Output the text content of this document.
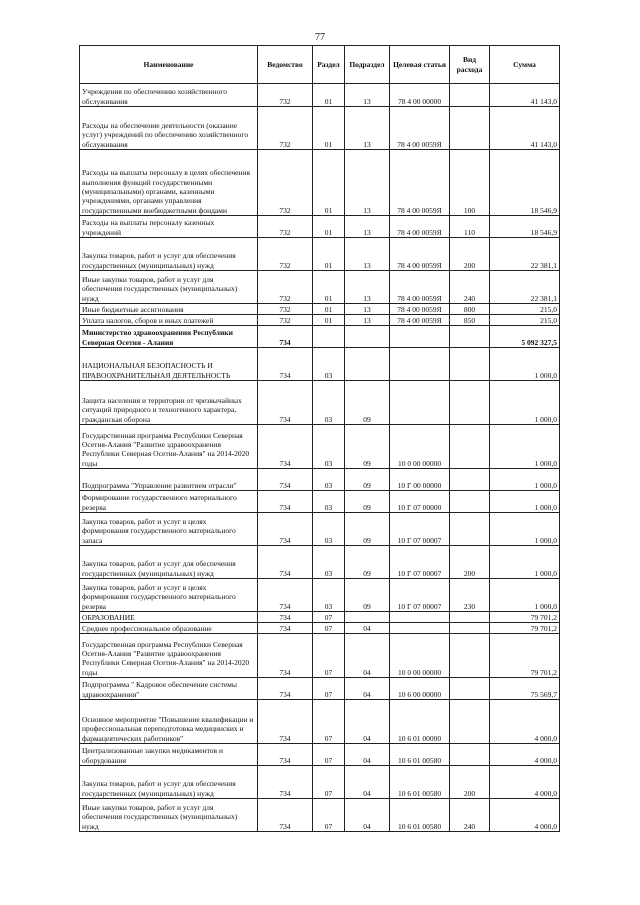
77
Наименование	Ведомство	Раздел	Подраздел	Целевая статья	Вид расхода	Сумма
Учреждения по обеспечению хозяйственного обслуживания	732	01	13	78 4 00 00000		41 143,0
Расходы на обеспечение деятельности (оказание услуг) учреждений по обеспечению хозяйственного обслуживания	732	01	13	78 4 00 0059Я		41 143,0
Расходы на выплаты персоналу в целях обеспечения выполнения функций государственными (муниципальными) органами, казенными учреждениями, органами управления государственными внебюджетными фондами	732	01	13	78 4 00 0059Я	100	18 546,9
Расходы на выплаты персоналу казенных учреждений	732	01	13	78 4 00 0059Я	110	18 546,9
Закупка товаров, работ и услуг для обеспечения государственных (муниципальных) нужд	732	01	13	78 4 00 0059Я	200	22 381,1
Иные закупки товаров, работ и услуг для обеспечения государственных (муниципальных) нужд	732	01	13	78 4 00 0059Я	240	22 381,1
Иные бюджетные ассигнования	732	01	13	78 4 00 0059Я	800	215,0
Уплата налогов, сборов и иных платежей	732	01	13	78 4 00 0059Я	850	215,0
Министерство здравоохранения Республики Северная Осетия - Алания	734					5 092 327,5
НАЦИОНАЛЬНАЯ БЕЗОПАСНОСТЬ И ПРАВООХРАНИТЕЛЬНАЯ ДЕЯТЕЛЬНОСТЬ	734	03				1 000,0
Защита населения и территории от чрезвычайных ситуаций природного и техногенного характера, гражданская оборона	734	03	09			1 000,0
Государственная программа Республики Северная Осетия-Алания "Развитие здравоохранения Республики Северная Осетия-Алания" на 2014-2020 годы	734	03	09	10 0 00 00000		1 000,0
Подпрограмма "Управление развитием отрасли"	734	03	09	10 Г 00 00000		1 000,0
Формирование государственного материального резерва	734	03	09	10 Г 07 00000		1 000,0
Закупка товаров, работ и услуг в целях формирования государственного материального запаса	734	03	09	10 Г 07 00007		1 000,0
Закупка товаров, работ и услуг для обеспечения государственных (муниципальных) нужд	734	03	09	10 Г 07 00007	200	1 000,0
Закупка товаров, работ и услуг в целях формирования государственного материального резерва	734	03	09	10 Г 07 00007	230	1 000,0
ОБРАЗОВАНИЕ	734	07				79 701,2
Среднее профессиональное образование	734	07	04			79 701,2
Государственная программа Республики Северная Осетия-Алания "Развитие здравоохранения Республики Северная Осетия-Алания" на 2014-2020 годы	734	07	04	10 0 00 00000		79 701,2
Подпрограмма " Кадровое обеспечение системы здравоохранения"	734	07	04	10 6 00 00000		75 569,7
Основное мероприятие "Повышение квалификации и профессиональная переподготовка медицинских и фармацевтических работников"	734	07	04	10 6 01 00000		4 000,0
Централизованные закупки медикаментов и оборудования	734	07	04	10 6 01 00580		4 000,0
Закупка товаров, работ и услуг для обеспечения государственных (муниципальных) нужд	734	07	04	10 6 01 00580	200	4 000,0
Иные закупки товаров, работ и услуг для обеспечения государственных (муниципальных) нужд	734	07	04	10 6 01 00580	240	4 000,0
